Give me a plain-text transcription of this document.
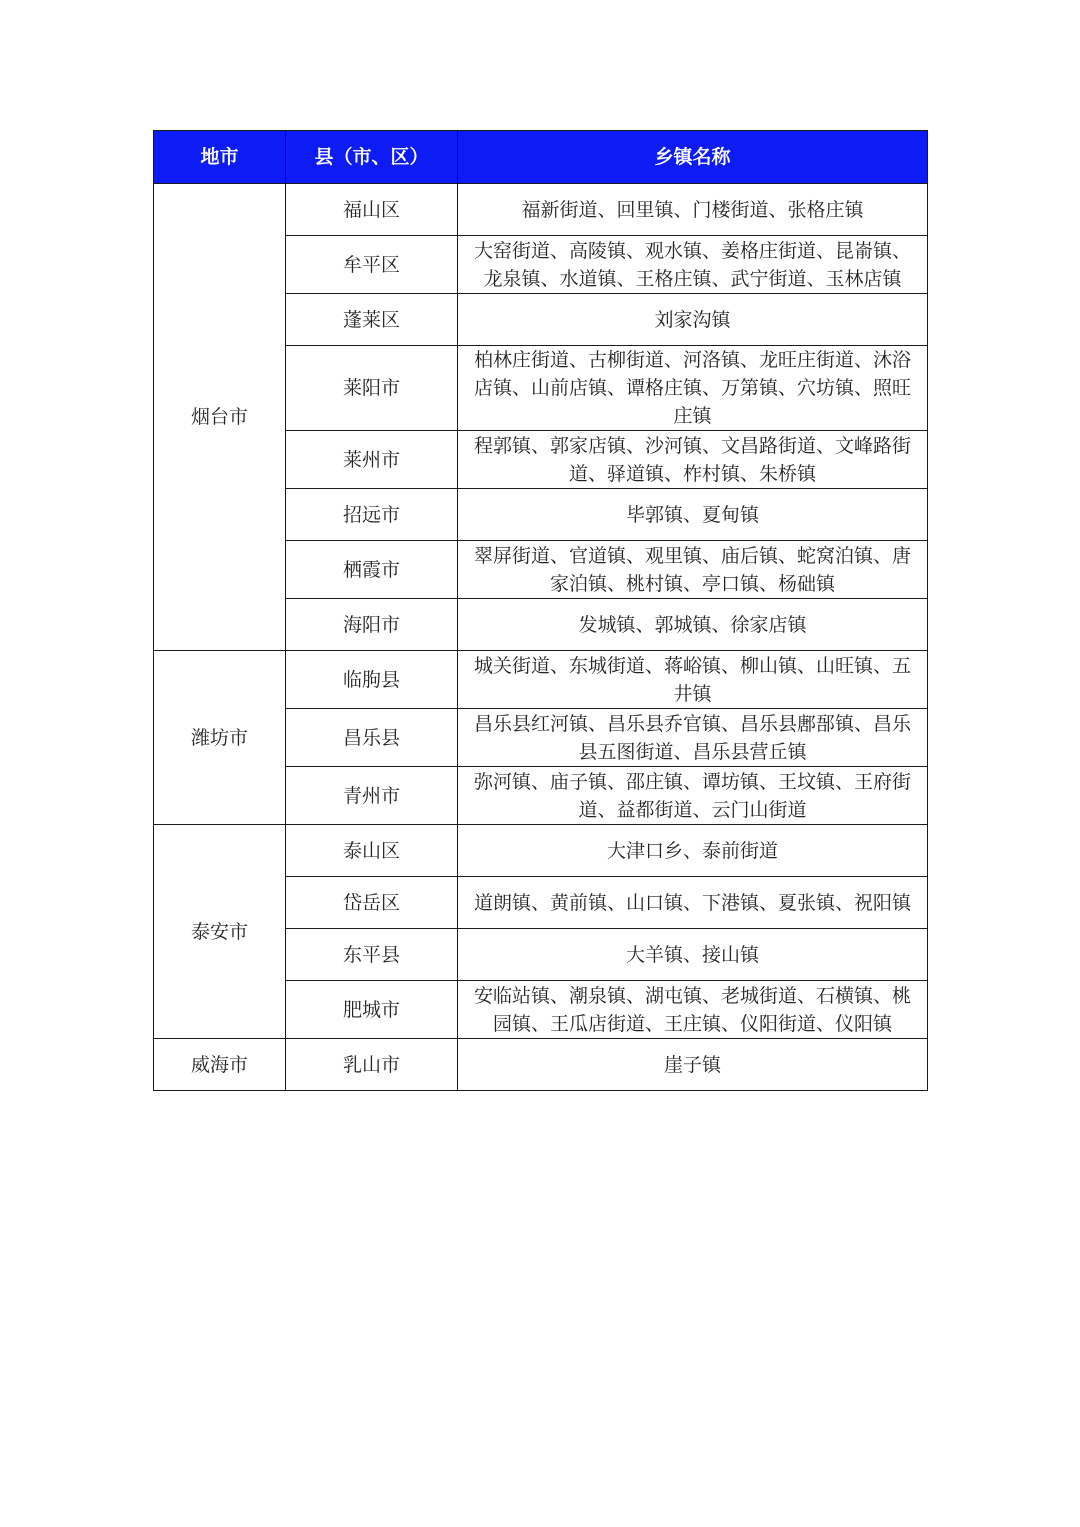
地市	县（市、区）	乡镇名称
烟台市	福山区	福新街道、回里镇、门楼街道、张格庄镇
	牟平区	大窑街道、高陵镇、观水镇、姜格庄街道、昆嵛镇、龙泉镇、水道镇、王格庄镇、武宁街道、玉林店镇
	蓬莱区	刘家沟镇
	莱阳市	柏林庄街道、古柳街道、河洛镇、龙旺庄街道、沐浴店镇、山前店镇、谭格庄镇、万第镇、穴坊镇、照旺庄镇
	莱州市	程郭镇、郭家店镇、沙河镇、文昌路街道、文峰路街道、驿道镇、柞村镇、朱桥镇
	招远市	毕郭镇、夏甸镇
	栖霞市	翠屏街道、官道镇、观里镇、庙后镇、蛇窝泊镇、唐家泊镇、桃村镇、亭口镇、杨础镇
	海阳市	发城镇、郭城镇、徐家店镇
潍坊市	临朐县	城关街道、东城街道、蒋峪镇、柳山镇、山旺镇、五井镇
	昌乐县	昌乐县红河镇、昌乐县乔官镇、昌乐县鄌郚镇、昌乐县五图街道、昌乐县营丘镇
	青州市	弥河镇、庙子镇、邵庄镇、谭坊镇、王坟镇、王府街道、益都街道、云门山街道
泰安市	泰山区	大津口乡、泰前街道
	岱岳区	道朗镇、黄前镇、山口镇、下港镇、夏张镇、祝阳镇
	东平县	大羊镇、接山镇
	肥城市	安临站镇、潮泉镇、湖屯镇、老城街道、石横镇、桃园镇、王瓜店街道、王庄镇、仪阳街道、仪阳镇
威海市	乳山市	崖子镇
